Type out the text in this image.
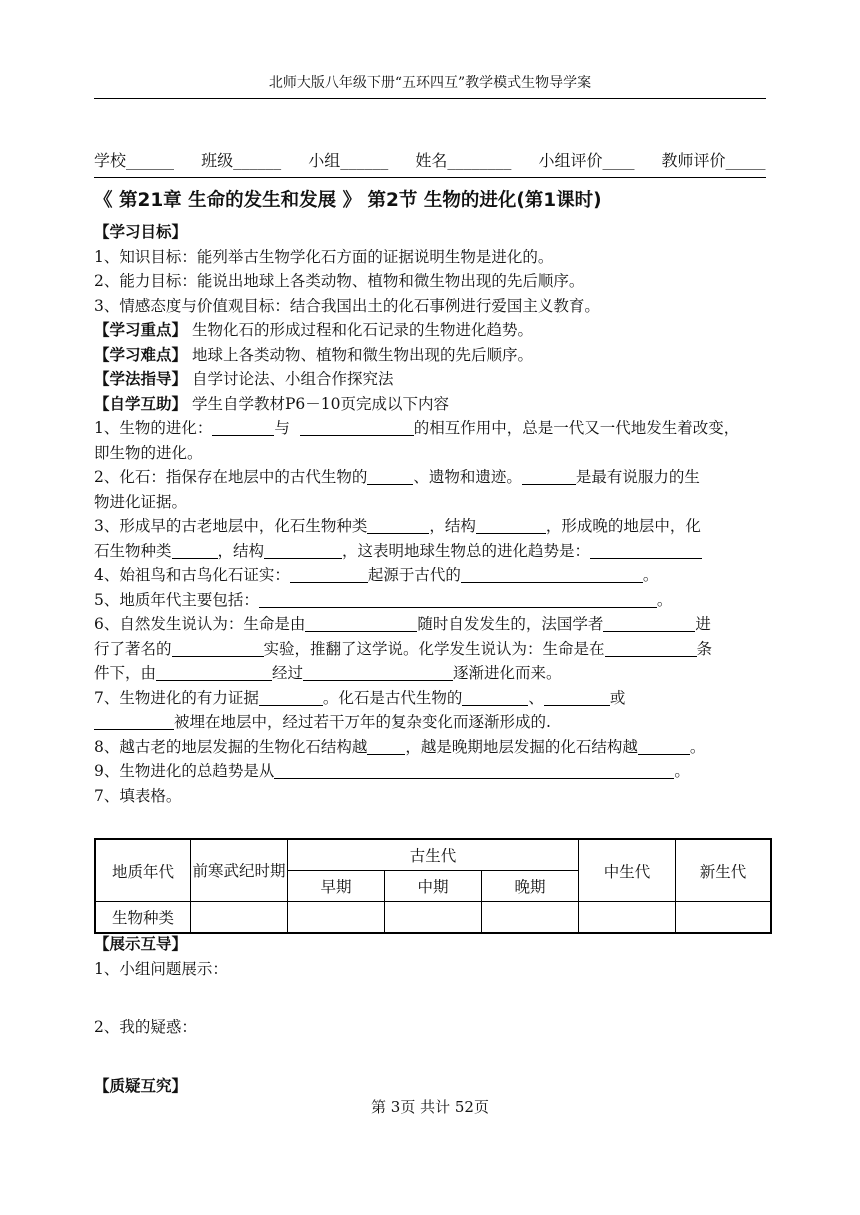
北师大版八年级下册“五环四互”教学模式生物导学案
学校______ 班级______ 小组______ 姓名________ 小组评价____ 教师评价_____
《 第21章 生命的发生和发展 》 第2节 生物的进化(第1课时)
【学习目标】
1、知识目标：能列举古生物学化石方面的证据说明生物是进化的。
2、能力目标：能说出地球上各类动物、植物和微生物出现的先后顺序。
3、情感态度与价值观目标：结合我国出土的化石事例进行爱国主义教育。
【学习重点】 生物化石的形成过程和化石记录的生物进化趋势。
【学习难点】 地球上各类动物、植物和微生物出现的先后顺序。
【学法指导】 自学讨论法、小组合作探究法
【自学互助】 学生自学教材P6－10页完成以下内容
1、生物的进化：	与	的相互作用中，总是一代又一代地发生着改变，
即生物的进化。
2、化石：指保存在地层中的古代生物的	、遗物和遗迹。	是最有说服力的生
物进化证据。
3、形成早的古老地层中，化石生物种类	，结构	，形成晚的地层中，化
石生物种类	，结构	，这表明地球生物总的进化趋势是：
4、始祖鸟和古鸟化石证实：	起源于古代的	。
5、地质年代主要包括：	。
6、自然发生说认为：生命是由	随时自发发生的，法国学者	进
行了著名的	实验，推翻了这学说。化学发生说认为：生命是在	条
件下，由	经过	逐渐进化而来。
7、生物进化的有力证据	。化石是古代生物的	、	或
被埋在地层中，经过若干万年的复杂变化而逐渐形成的.
8、越古老的地层发掘的生物化石结构越 ，越是晚期地层发掘的化石结构越	。
9、生物进化的总趋势是从	。
7、填表格。
地质年代	前寒武纪时期	古生代			中生代	新生代
		早期	中期	晚期		
生物种类						
【展示互导】
1、小组问题展示：
2、我的疑惑：
【质疑互究】
第 3页 共计 52页
